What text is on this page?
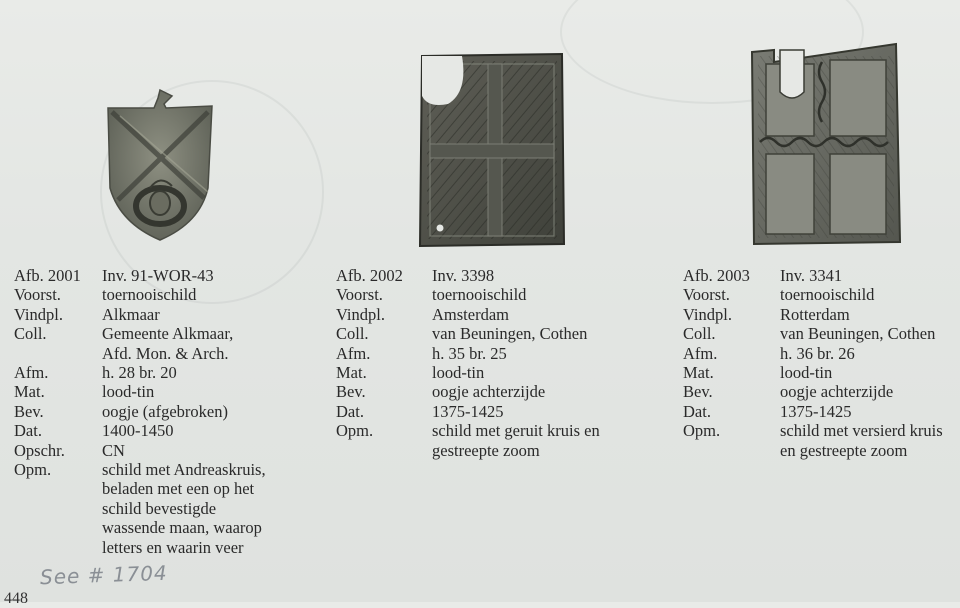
Afb. 2001	Inv. 91-WOR-43
Voorst.	toernooischild
Vindpl.	Alkmaar
Coll.	Gemeente Alkmaar,
Afd. Mon. & Arch.
Afm.	h. 28 br. 20
Mat.	lood-tin
Bev.	oogje (afgebroken)
Dat.	1400-1450
Opschr.	CN
Opm.	schild met Andreaskruis,
beladen met een op het
schild bevestigde
wassende maan, waarop
letters en waarin veer
Afb. 2002	Inv. 3398
Voorst.	toernooischild
Vindpl.	Amsterdam
Coll.	van Beuningen, Cothen
Afm.	h. 35 br. 25
Mat.	lood-tin
Bev.	oogje achterzijde
Dat.	1375-1425
Opm.	schild met geruit kruis en
gestreepte zoom
Afb. 2003	Inv. 3341
Voorst.	toernooischild
Vindpl.	Rotterdam
Coll.	van Beuningen, Cothen
Afm.	h. 36 br. 26
Mat.	lood-tin
Bev.	oogje achterzijde
Dat.	1375-1425
Opm.	schild met versierd kruis
en gestreepte zoom
See # 1704
448
